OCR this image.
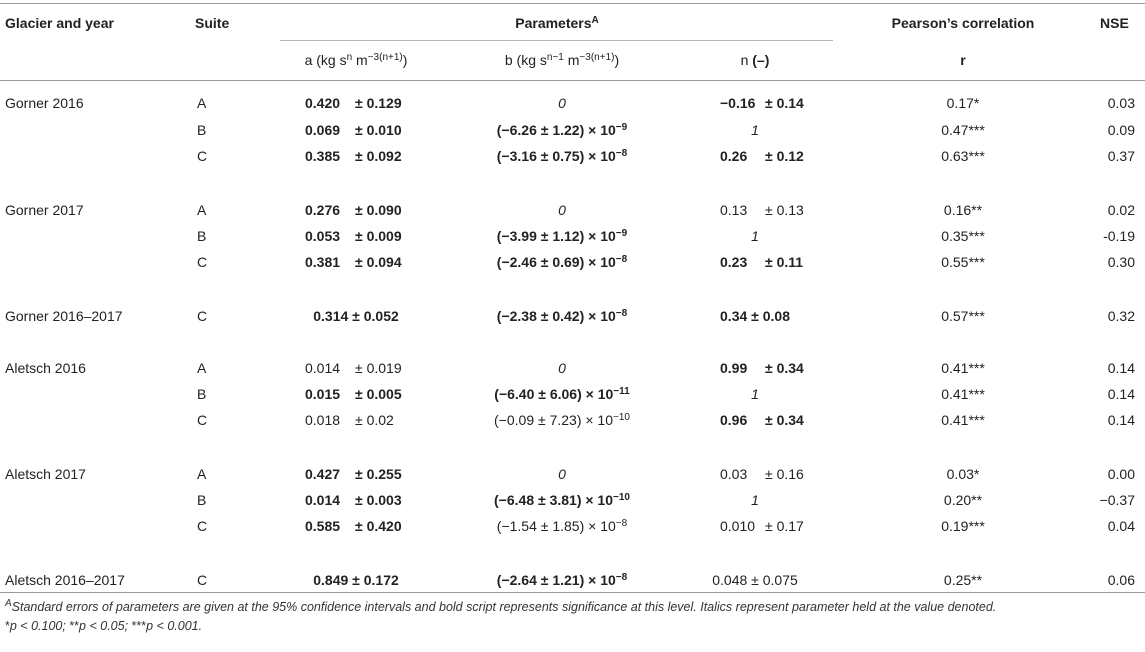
Glacier and year	Suite	Parameters$^A$	Pearson’s correlation	NSE
a (kg $s^n$ $m^{-3(n+1)}$)	b (kg $s^{n-1}$ $m^{-3(n+1)}$)	n (–)	r
$^A$Standard errors of parameters are given at the 95% confidence intervals and bold script represents significance at this level. Italics represent parameter held at the value denoted.
*p < 0.100; **p < 0.05; ***p < 0.001.
Gorner 2016	A	0.420 ± 0.129	0	−0.16 ± 0.14	0.17*	0.03
B	0.069 ± 0.010	$(-6.26 \pm 1.22) \times 10^{-9}$	1	0.47***	0.09
C	0.385 ± 0.092	$(-3.16 \pm 0.75) \times 10^{-8}$	0.26 ± 0.12	0.63***	0.37
Gorner 2017	A	0.276 ± 0.090	0	0.13 ± 0.13	0.16**	0.02
B	0.053 ± 0.009	$(-3.99 \pm 1.12) \times 10^{-9}$	1	0.35***	-0.19
C	0.381 ± 0.094	$(-2.46 \pm 0.69) \times 10^{-8}$	0.23 ± 0.11	0.55***	0.30
Gorner 2016–2017	C	0.314 ± 0.052	$(-2.38 \pm 0.42) \times 10^{-8}$	0.34 ± 0.08	0.57***	0.32
Aletsch 2016	A	0.014 ± 0.019	0	0.99 ± 0.34	0.41***	0.14
B	0.015 ± 0.005	$(-6.40 \pm 6.06) \times 10^{-11}$	1	0.41***	0.14
C	0.018 ± 0.02	$(-0.09 \pm 7.23) \times 10^{-10}$	0.96 ± 0.34	0.41***	0.14
Aletsch 2017	A	0.427 ± 0.255	0	0.03 ± 0.16	0.03*	0.00
B	0.014 ± 0.003	$(-6.48 \pm 3.81) \times 10^{-10}$	1	0.20**	−0.37
C	0.585 ± 0.420	$(-1.54 \pm 1.85) \times 10^{-8}$	0.010 ± 0.17	0.19***	0.04
Aletsch 2016–2017	C	0.849 ± 0.172	$(-2.64 \pm 1.21) \times 10^{-8}$	0.048 ± 0.075	0.25**	0.06
